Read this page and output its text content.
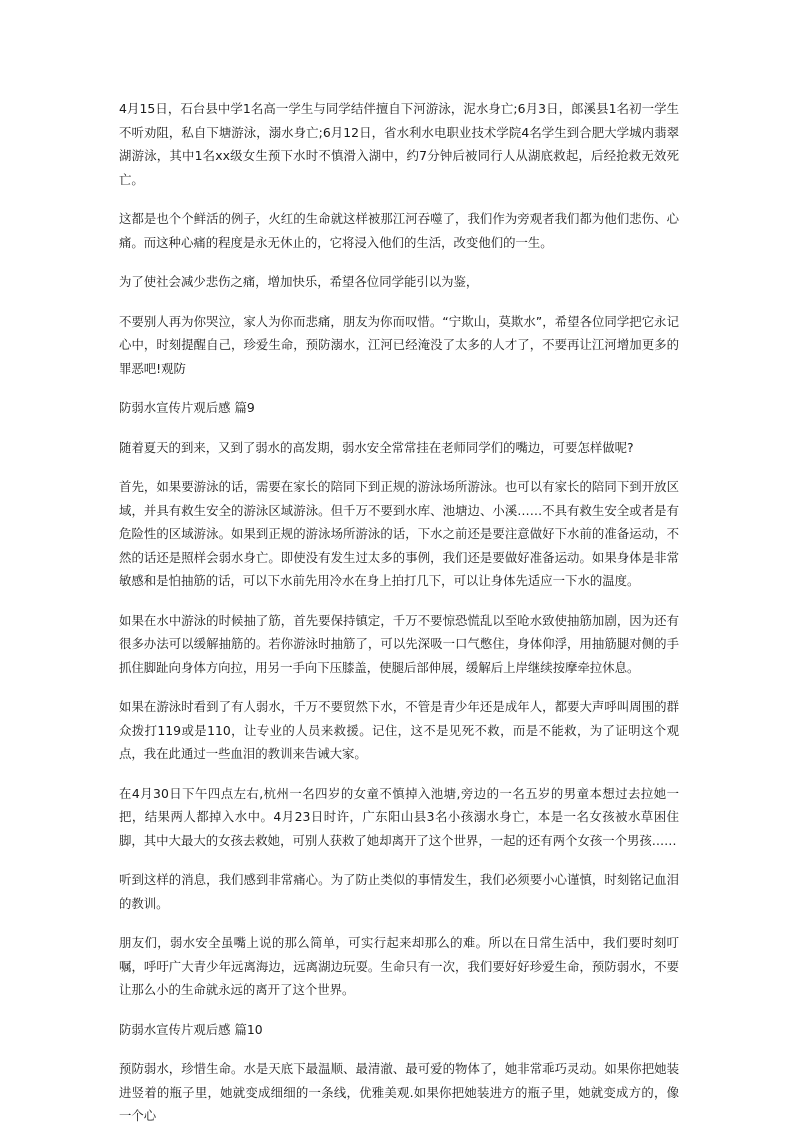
4月15日，石台县中学1名高一学生与同学结伴擅自下河游泳，泥水身亡;6月3日，郎溪县1名初一学生不听劝阻，私自下塘游泳，溺水身亡;6月12日，省水利水电职业技术学院4名学生到合肥大学城内翡翠湖游泳，其中1名xx级女生预下水时不慎滑入湖中，约7分钟后被同行人从湖底救起，后经抢救无效死亡。

这都是也个个鲜活的例子，火红的生命就这样被那江河吞噬了，我们作为旁观者我们都为他们悲伤、心痛。而这种心痛的程度是永无休止的，它将浸入他们的生活，改变他们的一生。

为了使社会减少悲伤之痛，增加快乐，希望各位同学能引以为鉴，

不要别人再为你哭泣，家人为你而悲痛，朋友为你而叹惜。“宁欺山，莫欺水”，希望各位同学把它永记心中，时刻提醒自己，珍爱生命，预防溺水，江河已经淹没了太多的人才了，不要再让江河增加更多的罪恶吧!观防

防弱水宣传片观后感 篇9

随着夏天的到来，又到了弱水的高发期，弱水安全常常挂在老师同学们的嘴边，可要怎样做呢?

首先，如果要游泳的话，需要在家长的陪同下到正规的游泳场所游泳。也可以有家长的陪同下到开放区域，并具有救生安全的游泳区域游泳。但千万不要到水库、池塘边、小溪……不具有救生安全或者是有危险性的区域游泳。如果到正规的游泳场所游泳的话，下水之前还是要注意做好下水前的准备运动，不然的话还是照样会弱水身亡。即使没有发生过太多的事例，我们还是要做好准备运动。如果身体是非常敏感和是怕抽筋的话，可以下水前先用冷水在身上拍打几下，可以让身体先适应一下水的温度。

如果在水中游泳的时候抽了筋，首先要保持镇定，千万不要惊恐慌乱以至呛水致使抽筋加剧，因为还有很多办法可以缓解抽筋的。若你游泳时抽筋了，可以先深吸一口气憋住，身体仰浮，用抽筋腿对侧的手抓住脚趾向身体方向拉，用另一手向下压膝盖，使腿后部伸展，缓解后上岸继续按摩牵拉休息。

如果在游泳时看到了有人弱水，千万不要贸然下水，不管是青少年还是成年人，都要大声呼叫周围的群众拨打119或是110，让专业的人员来救援。记住，这不是见死不救，而是不能救，为了证明这个观点，我在此通过一些血泪的教训来告诫大家。

在4月30日下午四点左右,杭州一名四岁的女童不慎掉入池塘,旁边的一名五岁的男童本想过去拉她一把，结果两人都掉入水中。4月23日时许，广东阳山县3名小孩溺水身亡，本是一名女孩被水草困住脚，其中大最大的女孩去救她，可别人获救了她却离开了这个世界，一起的还有两个女孩一个男孩……

听到这样的消息，我们感到非常痛心。为了防止类似的事情发生，我们必须要小心谨慎，时刻铭记血泪的教训。

朋友们，弱水安全虽嘴上说的那么简单，可实行起来却那么的难。所以在日常生活中，我们要时刻叮嘱，呼吁广大青少年远离海边，远离湖边玩耍。生命只有一次，我们要好好珍爱生命，预防弱水，不要让那么小的生命就永远的离开了这个世界。

防弱水宣传片观后感 篇10

预防弱水，珍惜生命。水是天底下最温顺、最清澈、最可爱的物体了，她非常乖巧灵动。如果你把她装进竖着的瓶子里，她就变成细细的一条线，优雅美观.如果你把她装进方的瓶子里，她就变成方的，像一个心
